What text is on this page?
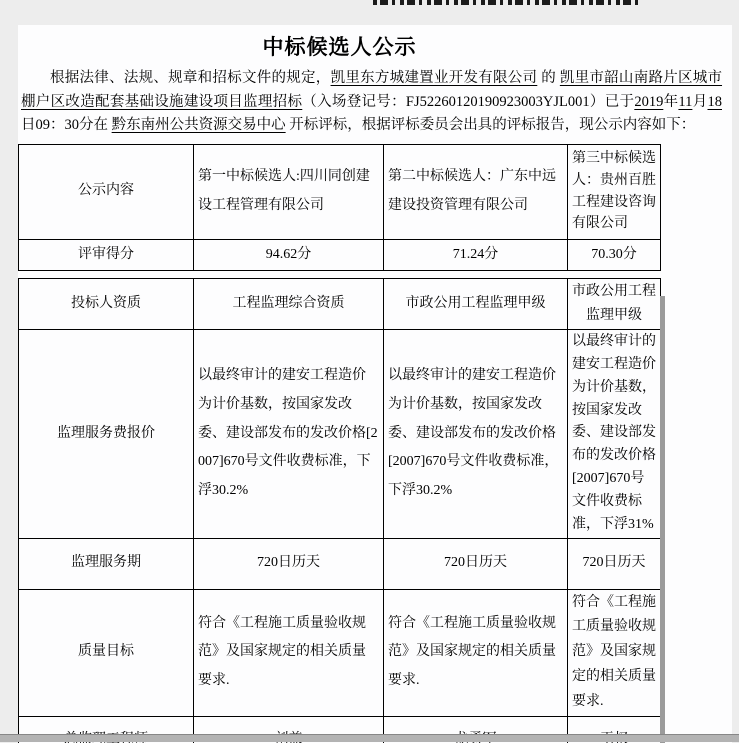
中标候选人公示

根据法律、法规、规章和招标文件的规定，凯里东方城建置业开发有限公司 的 凯里市韶山南路片区城市棚户区改造配套基础设施建设项目监理招标（入场登记号：FJ52260120190923003YJL001）已于2019年11月18日09：30分在 黔东南州公共资源交易中心 开标评标，根据评标委员会出具的评标报告，现公示内容如下：

公示内容	第一中标候选人:四川同创建设工程管理有限公司	第二中标候选人：广东中远建设投资管理有限公司	第三中标候选人：贵州百胜工程建设咨询有限公司
评审得分	94.62分	71.24分	70.30分
投标人资质	工程监理综合资质	市政公用工程监理甲级	市政公用工程监理甲级
监理服务费报价	以最终审计的建安工程造价为计价基数，按国家发改委、建设部发布的发改价格[2007]670号文件收费标准，下浮30.2%	以最终审计的建安工程造价为计价基数，按国家发改委、建设部发布的发改价格[2007]670号文件收费标准，下浮30.2%	以最终审计的建安工程造价为计价基数，按国家发改委、建设部发布的发改价格[2007]670号文件收费标准，下浮31%
监理服务期	720日历天	720日历天	720日历天
质量目标	符合《工程施工质量验收规范》及国家规定的相关质量要求.	符合《工程施工质量验收规范》及国家规定的相关质量要求.	符合《工程施工质量验收规范》及国家规定的相关质量要求.
